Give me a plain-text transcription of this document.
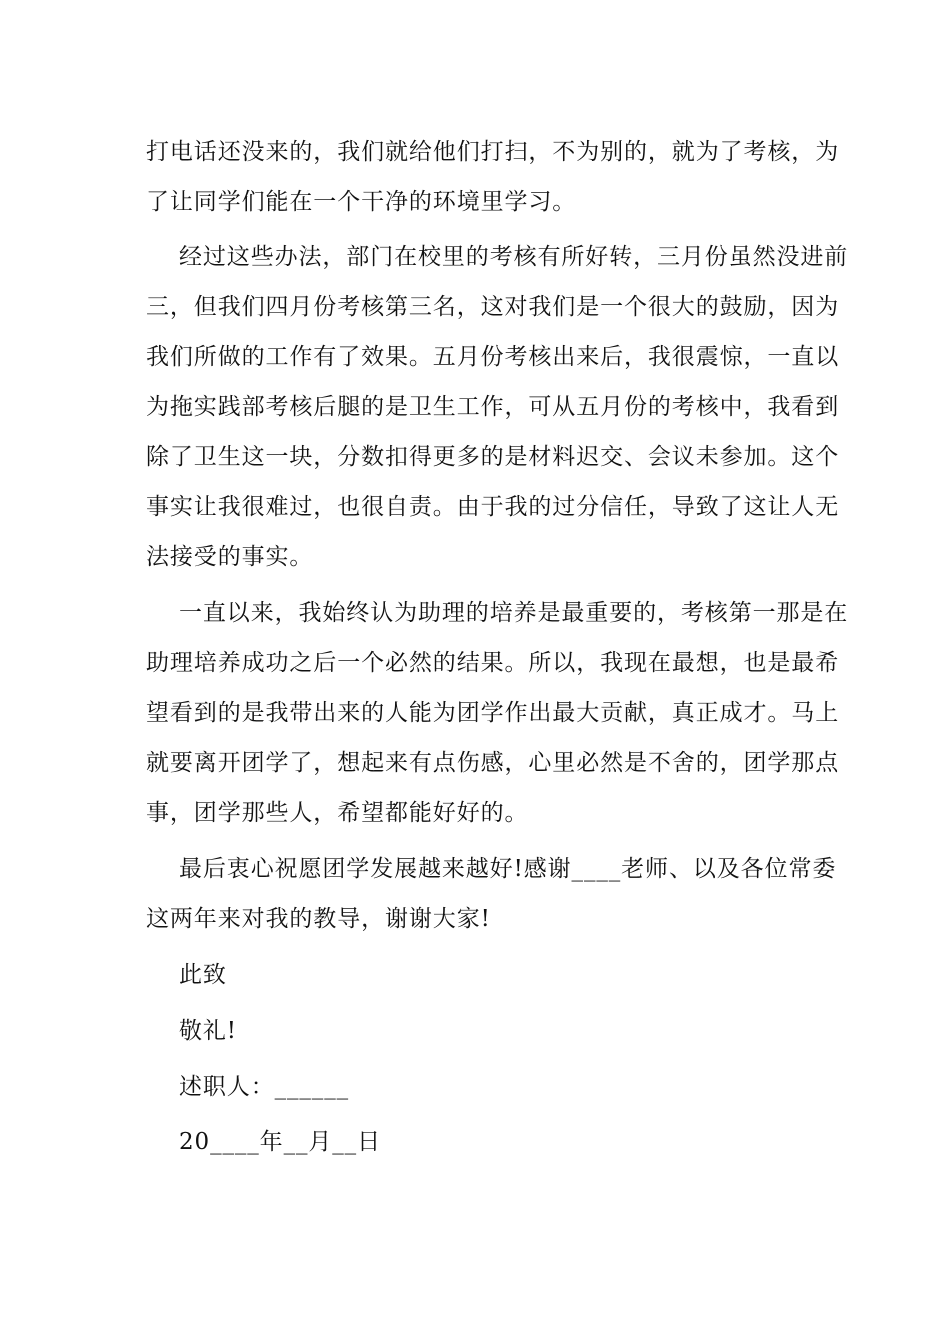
打电话还没来的，我们就给他们打扫，不为别的，就为了考核，为
了让同学们能在一个干净的环境里学习。
经过这些办法，部门在校里的考核有所好转，三月份虽然没进前
三，但我们四月份考核第三名，这对我们是一个很大的鼓励，因为
我们所做的工作有了效果。五月份考核出来后，我很震惊，一直以
为拖实践部考核后腿的是卫生工作，可从五月份的考核中，我看到
除了卫生这一块，分数扣得更多的是材料迟交、会议未参加。这个
事实让我很难过，也很自责。由于我的过分信任，导致了这让人无
法接受的事实。
一直以来，我始终认为助理的培养是最重要的，考核第一那是在
助理培养成功之后一个必然的结果。所以，我现在最想，也是最希
望看到的是我带出来的人能为团学作出最大贡献，真正成才。马上
就要离开团学了，想起来有点伤感，心里必然是不舍的，团学那点
事，团学那些人，希望都能好好的。
最后衷心祝愿团学发展越来越好!感谢____老师、以及各位常委
这两年来对我的教导，谢谢大家!
此致
敬礼!
述职人：______
20____年__月__日
